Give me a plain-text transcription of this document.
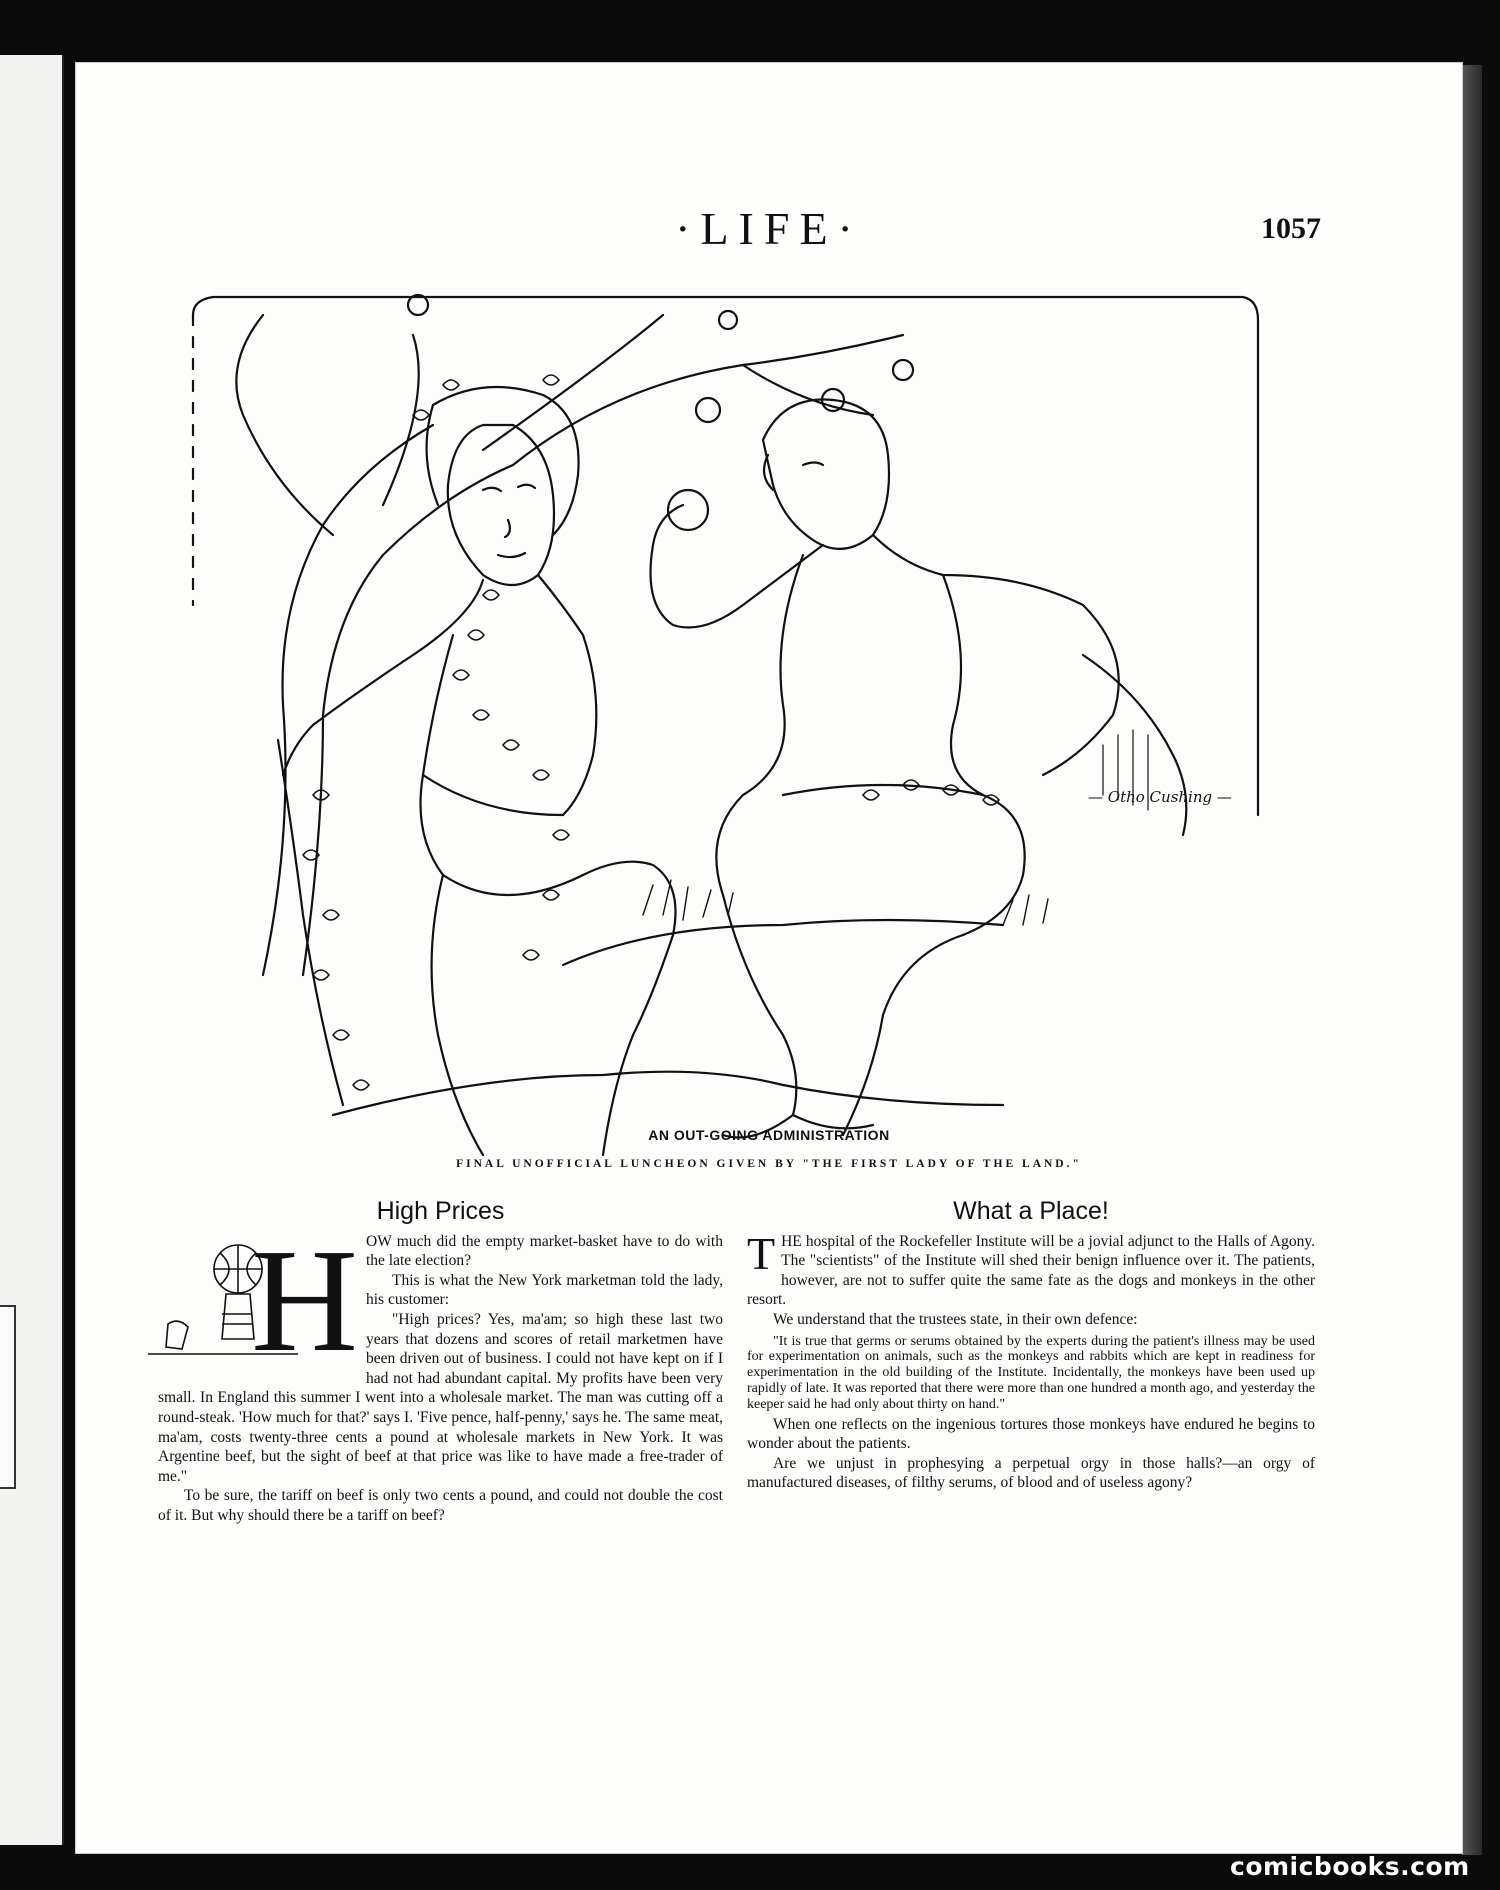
·LIFE·	1057
— Otho Cushing —
AN OUT-GOING ADMINISTRATION
FINAL UNOFFICIAL LUNCHEON GIVEN BY "THE FIRST LADY OF THE LAND."
High Prices
H OW much did the empty market-basket have to do with the late election?

This is what the New York marketman told the lady, his customer:

"High prices? Yes, ma'am; so high these last two years that dozens and scores of retail marketmen have been driven out of business. I could not have kept on if I had not had abundant capital. My profits have been very small. In England this summer I went into a wholesale market. The man was cutting off a round-steak. 'How much for that?' says I. 'Five pence, half-penny,' says he. The same meat, ma'am, costs twenty-three cents a pound at wholesale markets in New York. It was Argentine beef, but the sight of beef at that price was like to have made a free-trader of me."

To be sure, the tariff on beef is only two cents a pound, and could not double the cost of it. But why should there be a tariff on beef?

What a Place!
T HE hospital of the Rockefeller Institute will be a jovial adjunct to the Halls of Agony. The "scientists" of the Institute will shed their benign influence over it. The patients, however, are not to suffer quite the same fate as the dogs and monkeys in the other resort.

We understand that the trustees state, in their own defence:

"It is true that germs or serums obtained by the experts during the patient's illness may be used for experimentation on animals, such as the monkeys and rabbits which are kept in readiness for experimentation in the old building of the Institute. Incidentally, the monkeys have been used up rapidly of late. It was reported that there were more than one hundred a month ago, and yesterday the keeper said he had only about thirty on hand."

When one reflects on the ingenious tortures those monkeys have endured he begins to wonder about the patients.

Are we unjust in prophesying a perpetual orgy in those halls?—an orgy of manufactured diseases, of filthy serums, of blood and of useless agony?

comicbooks.com
